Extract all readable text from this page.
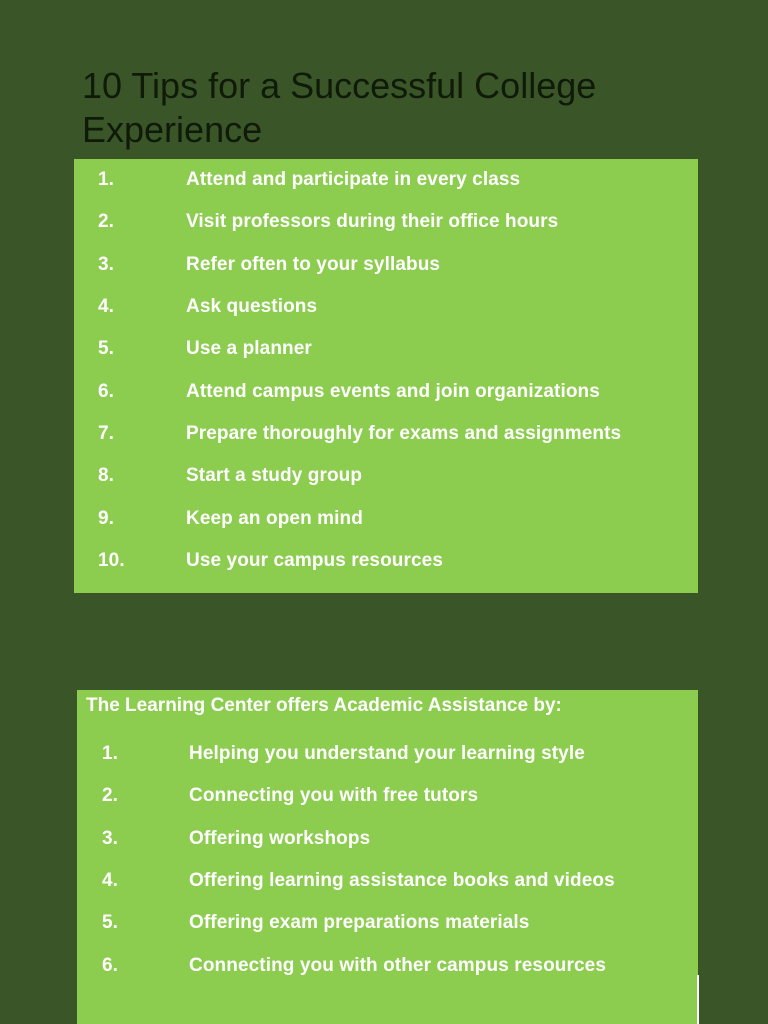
10 Tips for a Successful College Experience
1.	Attend and participate in every class
2.	Visit professors during their office hours
3.	Refer often to your syllabus
4.	Ask questions
5.	Use a planner
6.	Attend campus events and join organizations
7.	Prepare thoroughly for exams and assignments
8.	Start a study group
9.	Keep an open mind
10.	Use your campus resources

The Learning Center offers Academic Assistance by:

1.	Helping you understand your learning style
2.	Connecting you with free tutors
3.	Offering workshops
4.	Offering learning assistance books and videos
5.	Offering exam preparations materials
6.	Connecting you with other campus resources
